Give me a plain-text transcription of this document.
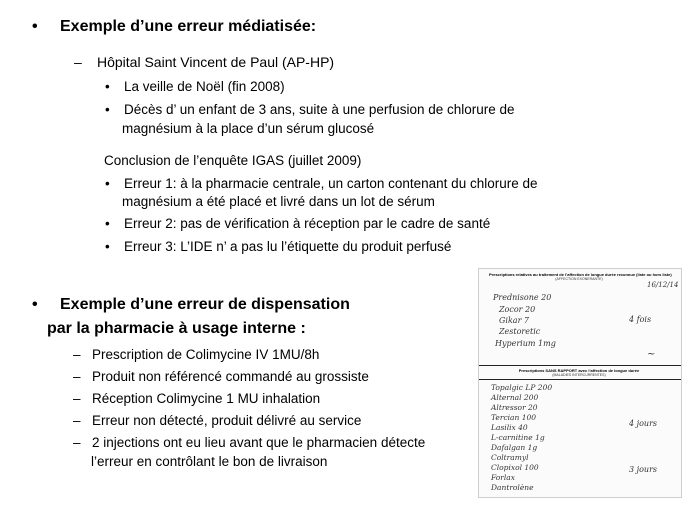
• Exemple d’une erreur médiatisée:
– Hôpital Saint Vincent de Paul (AP-HP)
• La veille de Noël (fin 2008)
• Décès d’ un enfant de 3 ans, suite à une perfusion de chlorure de
magnésium à la place d’un sérum glucosé
Conclusion de l’enquête IGAS (juillet 2009)
• Erreur 1: à la pharmacie centrale, un carton contenant du chlorure de
magnésium a été placé et livré dans un lot de sérum
• Erreur 2: pas de vérification à réception par le cadre de santé
• Erreur 3: L’IDE n’ a pas lu l’étiquette du produit perfusé
• Exemple d’une erreur de dispensation
par la pharmacie à usage interne :
– Prescription de Colimycine IV 1MU/8h
– Produit non référencé commandé au grossiste
– Réception Colimycine 1 MU inhalation
– Erreur non détecté, produit délivré au service
– 2 injections ont eu lieu avant que le pharmacien détecte
l’erreur en contrôlant le bon de livraison
Prescriptions relatives au traitement de l’affection de longue durée reconnue (liste ou hors liste)
(AFFECTION EXONERANTE)
16/12/14
Prednisone 20
Zocor 20
Gikar 7
Zestoretic
Hyperium 1mg
4 fois
~
Prescriptions SANS RAPPORT avec l’affection de longue durée
(MALADIES INTERCURRENTES)
Topalgic LP 200
Alternal 200
Altressor 20
Tercian 100
Lasilix 40
L-carnitine 1g
Dafalgan 1g
Coltramyl
Clopixol 100
Forlax
Dantrolène
4 jours
3 jours
